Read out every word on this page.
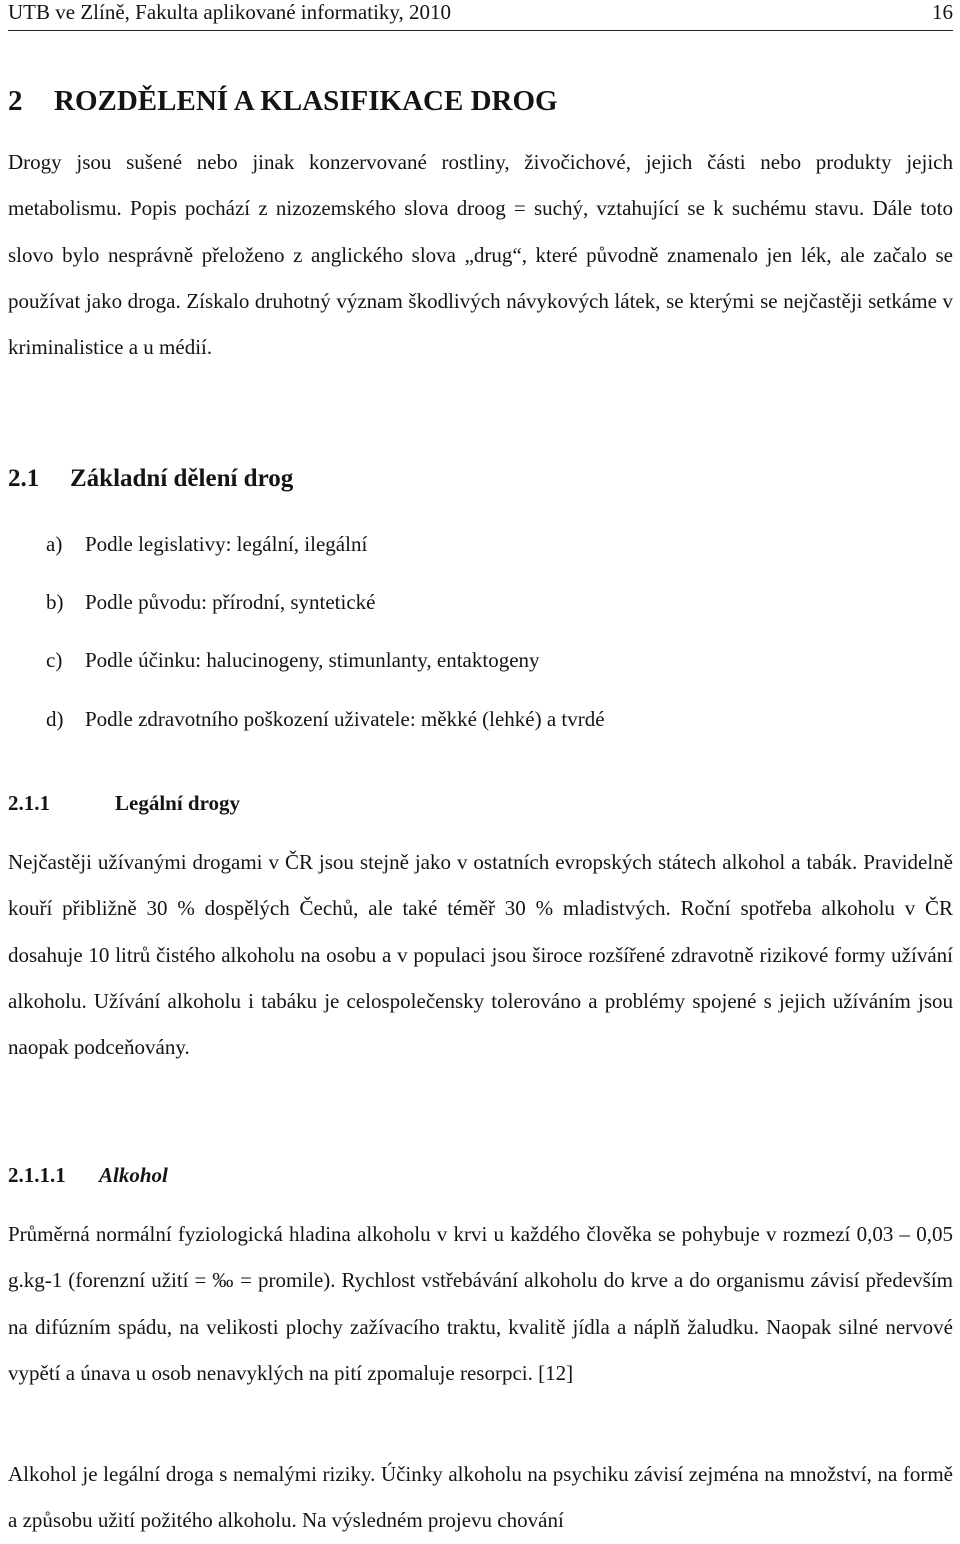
UTB ve Zlíně, Fakulta aplikované informatiky, 2010	16
2 ROZDĚLENÍ A KLASIFIKACE DROG

Drogy jsou sušené nebo jinak konzervované rostliny, živočichové, jejich části nebo produkty jejich metabolismu. Popis pochází z nizozemského slova droog = suchý, vztahující se k suchému stavu. Dále toto slovo bylo nesprávně přeloženo z anglického slova „drug“, které původně znamenalo jen lék, ale začalo se používat jako droga. Získalo druhotný význam škodlivých návykových látek, se kterými se nejčastěji setkáme v kriminalistice a u médií.

2.1 Základní dělení drog
a) Podle legislativy: legální, ilegální
b) Podle původu: přírodní, syntetické
c) Podle účinku: halucinogeny, stimunlanty, entaktogeny
d) Podle zdravotního poškození uživatele: měkké (lehké) a tvrdé
2.1.1	Legální drogy

Nejčastěji užívanými drogami v ČR jsou stejně jako v ostatních evropských státech alkohol a tabák. Pravidelně kouří přibližně 30 % dospělých Čechů, ale také téměř 30 % mladistvých. Roční spotřeba alkoholu v ČR dosahuje 10 litrů čistého alkoholu na osobu a v populaci jsou široce rozšířené zdravotně rizikové formy užívání alkoholu. Užívání alkoholu i tabáku je celospolečensky tolerováno a problémy spojené s jejich užíváním jsou naopak podceňovány.

2.1.1.1 Alkohol

Průměrná normální fyziologická hladina alkoholu v krvi u každého člověka se pohybuje v rozmezí 0,03 – 0,05 g.kg-1 (forenzní užití = ‰ = promile). Rychlost vstřebávání alkoholu do krve a do organismu závisí především na difúzním spádu, na velikosti plochy zažívacího traktu, kvalitě jídla a náplň žaludku. Naopak silné nervové vypětí a únava u osob nenavyklých na pití zpomaluje resorpci. [12]

Alkohol je legální droga s nemalými riziky. Účinky alkoholu na psychiku závisí zejména na množství, na formě a způsobu užití požitého alkoholu. Na výsledném projevu chování
